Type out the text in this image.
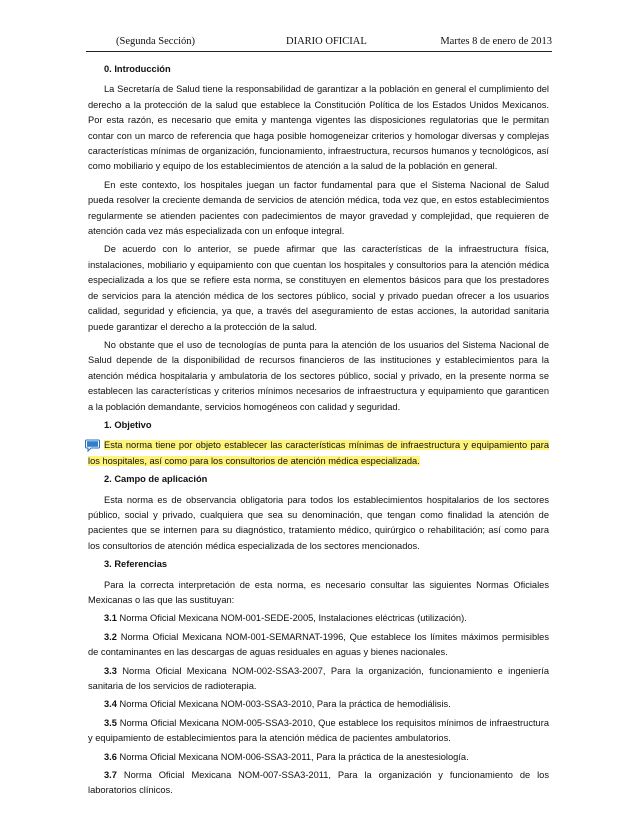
(Segunda Sección)	DIARIO OFICIAL	Martes 8 de enero de 2013

0. Introducción

La Secretaría de Salud tiene la responsabilidad de garantizar a la población en general el cumplimiento del derecho a la protección de la salud que establece la Constitución Política de los Estados Unidos Mexicanos. Por esta razón, es necesario que emita y mantenga vigentes las disposiciones regulatorias que le permitan contar con un marco de referencia que haga posible homogeneizar criterios y homologar diversas y complejas características mínimas de organización, funcionamiento, infraestructura, recursos humanos y tecnológicos, así como mobiliario y equipo de los establecimientos de atención a la salud de la población en general.

En este contexto, los hospitales juegan un factor fundamental para que el Sistema Nacional de Salud pueda resolver la creciente demanda de servicios de atención médica, toda vez que, en estos establecimientos regularmente se atienden pacientes con padecimientos de mayor gravedad y complejidad, que requieren de atención cada vez más especializada con un enfoque integral.

De acuerdo con lo anterior, se puede afirmar que las características de la infraestructura física, instalaciones, mobiliario y equipamiento con que cuentan los hospitales y consultorios para la atención médica especializada a los que se refiere esta norma, se constituyen en elementos básicos para que los prestadores de servicios para la atención médica de los sectores público, social y privado puedan ofrecer a los usuarios calidad, seguridad y eficiencia, ya que, a través del aseguramiento de estas acciones, la autoridad sanitaria puede garantizar el derecho a la protección de la salud.

No obstante que el uso de tecnologías de punta para la atención de los usuarios del Sistema Nacional de Salud depende de la disponibilidad de recursos financieros de las instituciones y establecimientos para la atención médica hospitalaria y ambulatoria de los sectores público, social y privado, en la presente norma se establecen las características y criterios mínimos necesarios de infraestructura y equipamiento que garanticen a la población demandante, servicios homogéneos con calidad y seguridad.

1. Objetivo

Esta norma tiene por objeto establecer las características mínimas de infraestructura y equipamiento para los hospitales, así como para los consultorios de atención médica especializada.

2. Campo de aplicación

Esta norma es de observancia obligatoria para todos los establecimientos hospitalarios de los sectores público, social y privado, cualquiera que sea su denominación, que tengan como finalidad la atención de pacientes que se internen para su diagnóstico, tratamiento médico, quirúrgico o rehabilitación; así como para los consultorios de atención médica especializada de los sectores mencionados.

3. Referencias

Para la correcta interpretación de esta norma, es necesario consultar las siguientes Normas Oficiales Mexicanas o las que las sustituyan:

3.1 Norma Oficial Mexicana NOM-001-SEDE-2005, Instalaciones eléctricas (utilización).

3.2 Norma Oficial Mexicana NOM-001-SEMARNAT-1996, Que establece los límites máximos permisibles de contaminantes en las descargas de aguas residuales en aguas y bienes nacionales.

3.3 Norma Oficial Mexicana NOM-002-SSA3-2007, Para la organización, funcionamiento e ingeniería sanitaria de los servicios de radioterapia.

3.4 Norma Oficial Mexicana NOM-003-SSA3-2010, Para la práctica de hemodiálisis.

3.5 Norma Oficial Mexicana NOM-005-SSA3-2010, Que establece los requisitos mínimos de infraestructura y equipamiento de establecimientos para la atención médica de pacientes ambulatorios.

3.6 Norma Oficial Mexicana NOM-006-SSA3-2011, Para la práctica de la anestesiología.

3.7 Norma Oficial Mexicana NOM-007-SSA3-2011, Para la organización y funcionamiento de los laboratorios clínicos.
